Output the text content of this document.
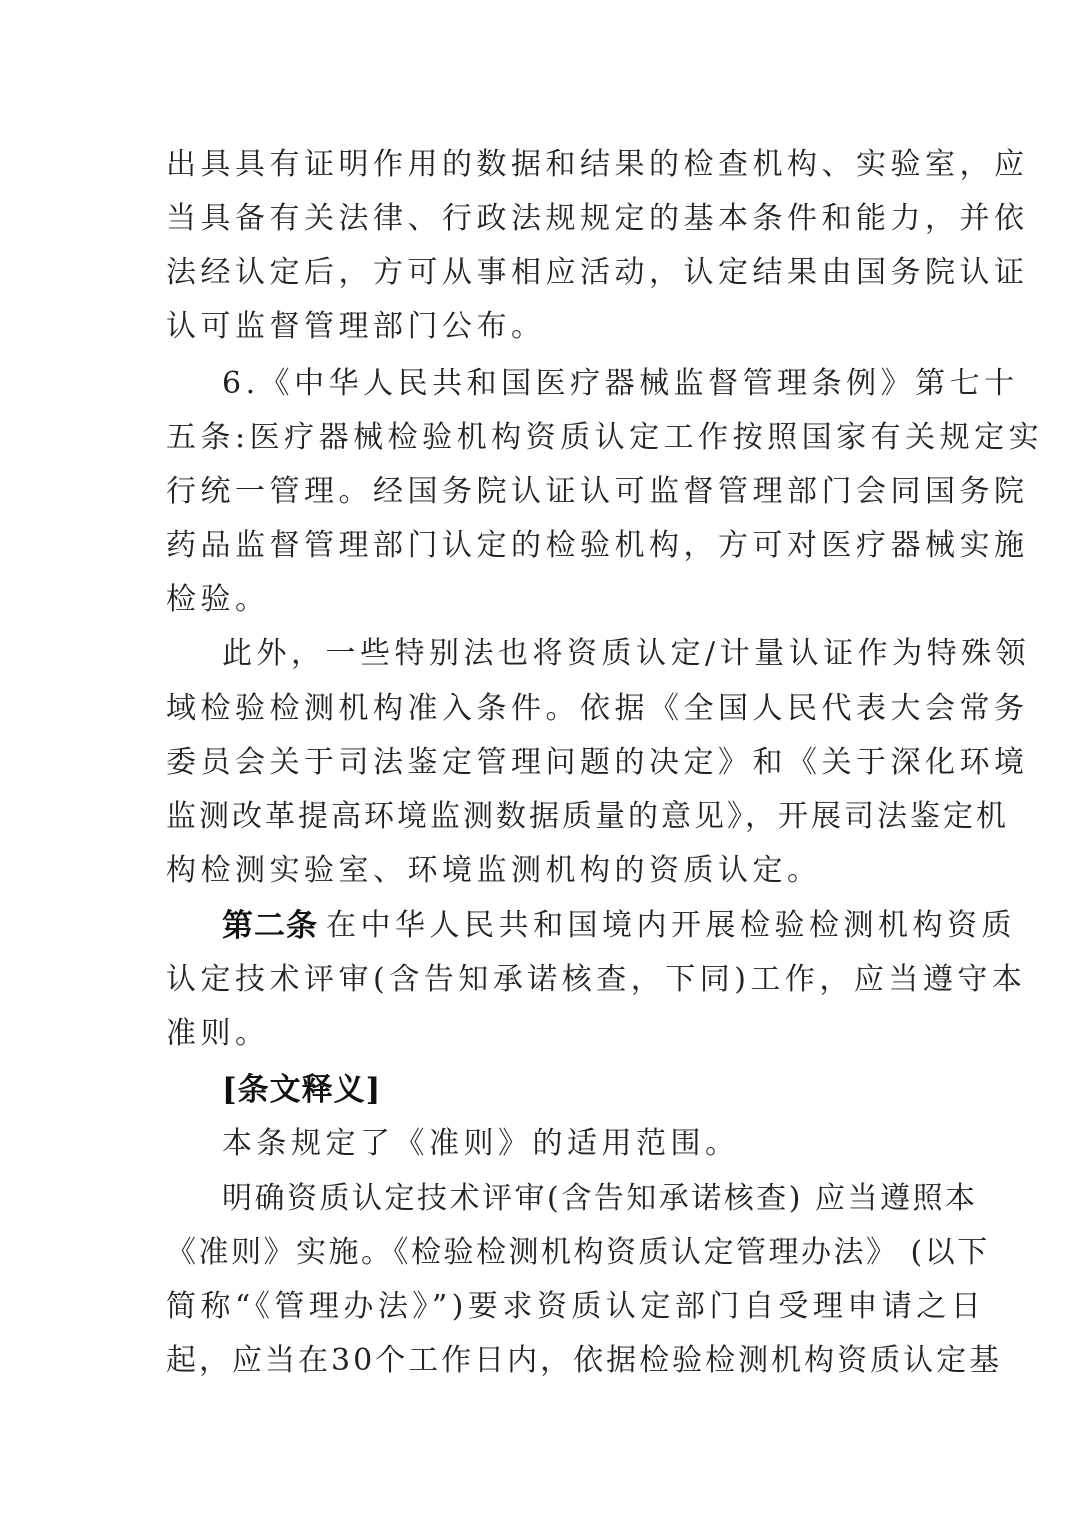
出具具有证明作用的数据和结果的检查机构、实验室，应
当具备有关法律、行政法规规定的基本条件和能力，并依
法经认定后，方可从事相应活动，认定结果由国务院认证
认可监督管理部门公布。
6.《中华人民共和国医疗器械监督管理条例》第七十
五条:医疗器械检验机构资质认定工作按照国家有关规定实
行统一管理。经国务院认证认可监督管理部门会同国务院
药品监督管理部门认定的检验机构，方可对医疗器械实施
检验。
此外，一些特别法也将资质认定/计量认证作为特殊领
域检验检测机构准入条件。依据《全国人民代表大会常务
委员会关于司法鉴定管理问题的决定》和《关于深化环境
监测改革提高环境监测数据质量的意见》，开展司法鉴定机
构检测实验室、环境监测机构的资质认定。
第二条 在中华人民共和国境内开展检验检测机构资质
认定技术评审(含告知承诺核查，下同)工作，应当遵守本
准则。
[条文释义]
本条规定了《准则》的适用范围。
明确资质认定技术评审(含告知承诺核查) 应当遵照本
《准则》实施。《检验检测机构资质认定管理办法》 (以下
简称“《管理办法》”)要求资质认定部门自受理申请之日
起，应当在30个工作日内，依据检验检测机构资质认定基
